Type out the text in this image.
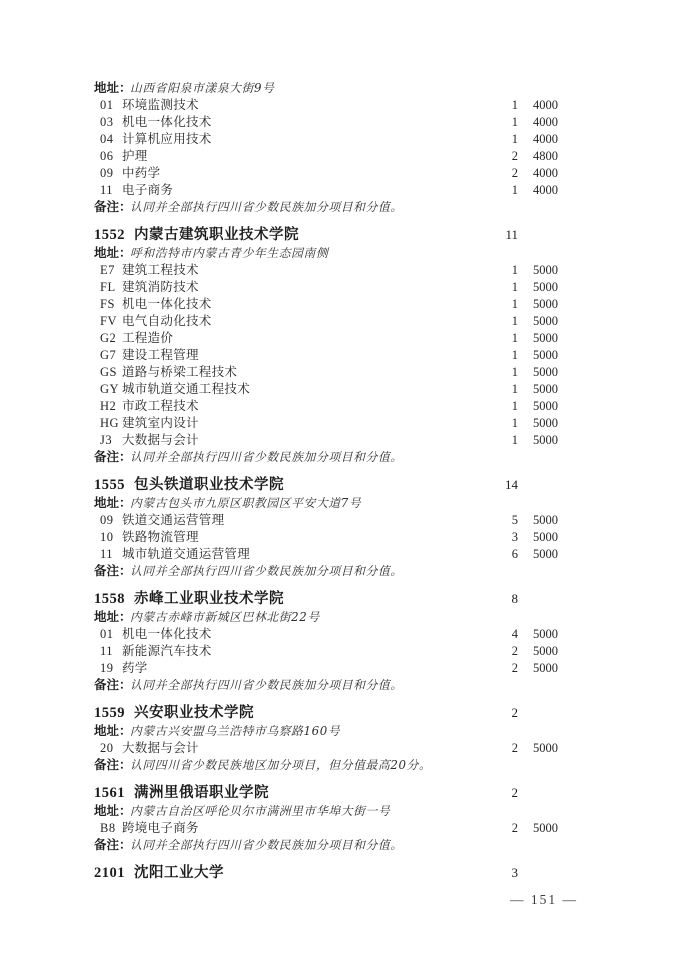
地址：
山西省阳泉市漾泉大街9号
01 环境监测技术	1	4000
03 机电一体化技术	1	4000
04 计算机应用技术	1	4000
06 护理	2	4800
09 中药学	2	4000
11 电子商务	1	4000
备注：
认同并全部执行四川省少数民族加分项目和分值。
1552 内蒙古建筑职业技术学院	11
地址：
呼和浩特市内蒙古青少年生态园南侧
E7 建筑工程技术	1	5000
FL 建筑消防技术	1	5000
FS 机电一体化技术	1	5000
FV 电气自动化技术	1	5000
G2 工程造价	1	5000
G7 建设工程管理	1	5000
GS 道路与桥梁工程技术	1	5000
GY 城市轨道交通工程技术	1	5000
H2 市政工程技术	1	5000
HG 建筑室内设计	1	5000
J3 大数据与会计	1	5000
备注：
认同并全部执行四川省少数民族加分项目和分值。
1555 包头铁道职业技术学院	14
地址：
内蒙古包头市九原区职教园区平安大道7号
09 铁道交通运营管理	5	5000
10 铁路物流管理	3	5000
11 城市轨道交通运营管理	6	5000
备注：
认同并全部执行四川省少数民族加分项目和分值。
1558 赤峰工业职业技术学院	8
地址：
内蒙古赤峰市新城区巴林北街22号
01 机电一体化技术	4	5000
11 新能源汽车技术	2	5000
19 药学	2	5000
备注：
认同并全部执行四川省少数民族加分项目和分值。
1559 兴安职业技术学院	2
地址：
内蒙古兴安盟乌兰浩特市乌察路160号
20 大数据与会计	2	5000
备注：
认同四川省少数民族地区加分项目，但分值最高20分。
1561 满洲里俄语职业学院	2
地址：
内蒙古自治区呼伦贝尔市满洲里市华埠大街一号
B8 跨境电子商务	2	5000
备注：
认同并全部执行四川省少数民族加分项目和分值。
2101 沈阳工业大学	3
— 151 —
